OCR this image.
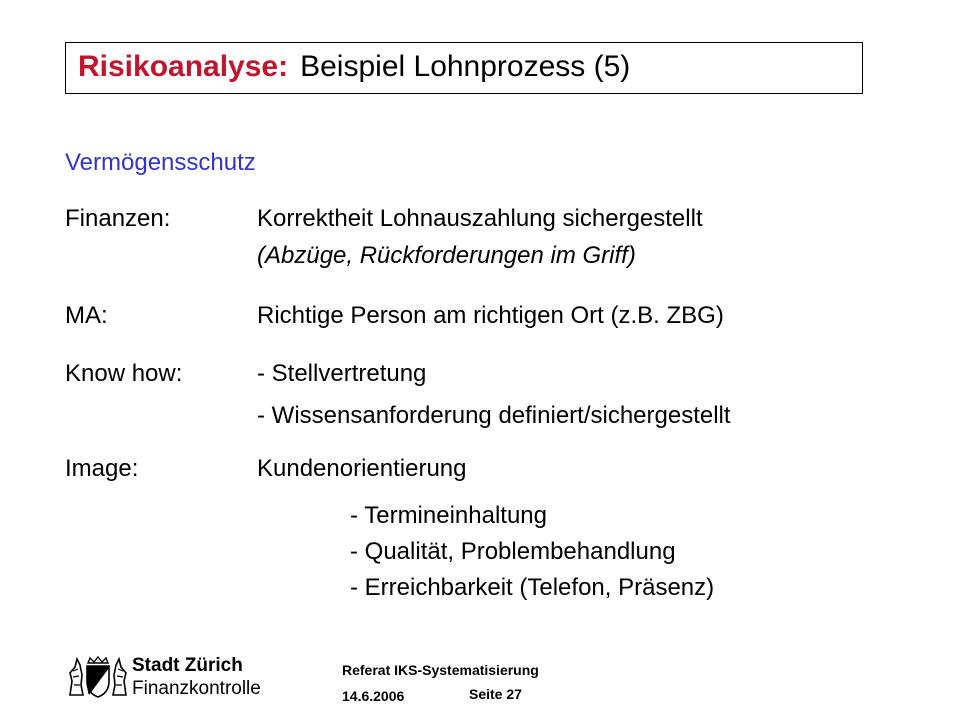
Risikoanalyse: Beispiel Lohnprozess (5)
Vermögensschutz
Finanzen:	Korrektheit Lohnauszahlung sichergestellt
(Abzüge, Rückforderungen im Griff)
MA:	Richtige Person am richtigen Ort (z.B. ZBG)
Know how:	- Stellvertretung
- Wissensanforderung definiert/sichergestellt
Image:	Kundenorientierung
- Termineinhaltung
- Qualität, Problembehandlung
- Erreichbarkeit (Telefon, Präsenz)
Stadt Zürich
Finanzkontrolle
Referat IKS-Systematisierung
14.6.2006	Seite 27
